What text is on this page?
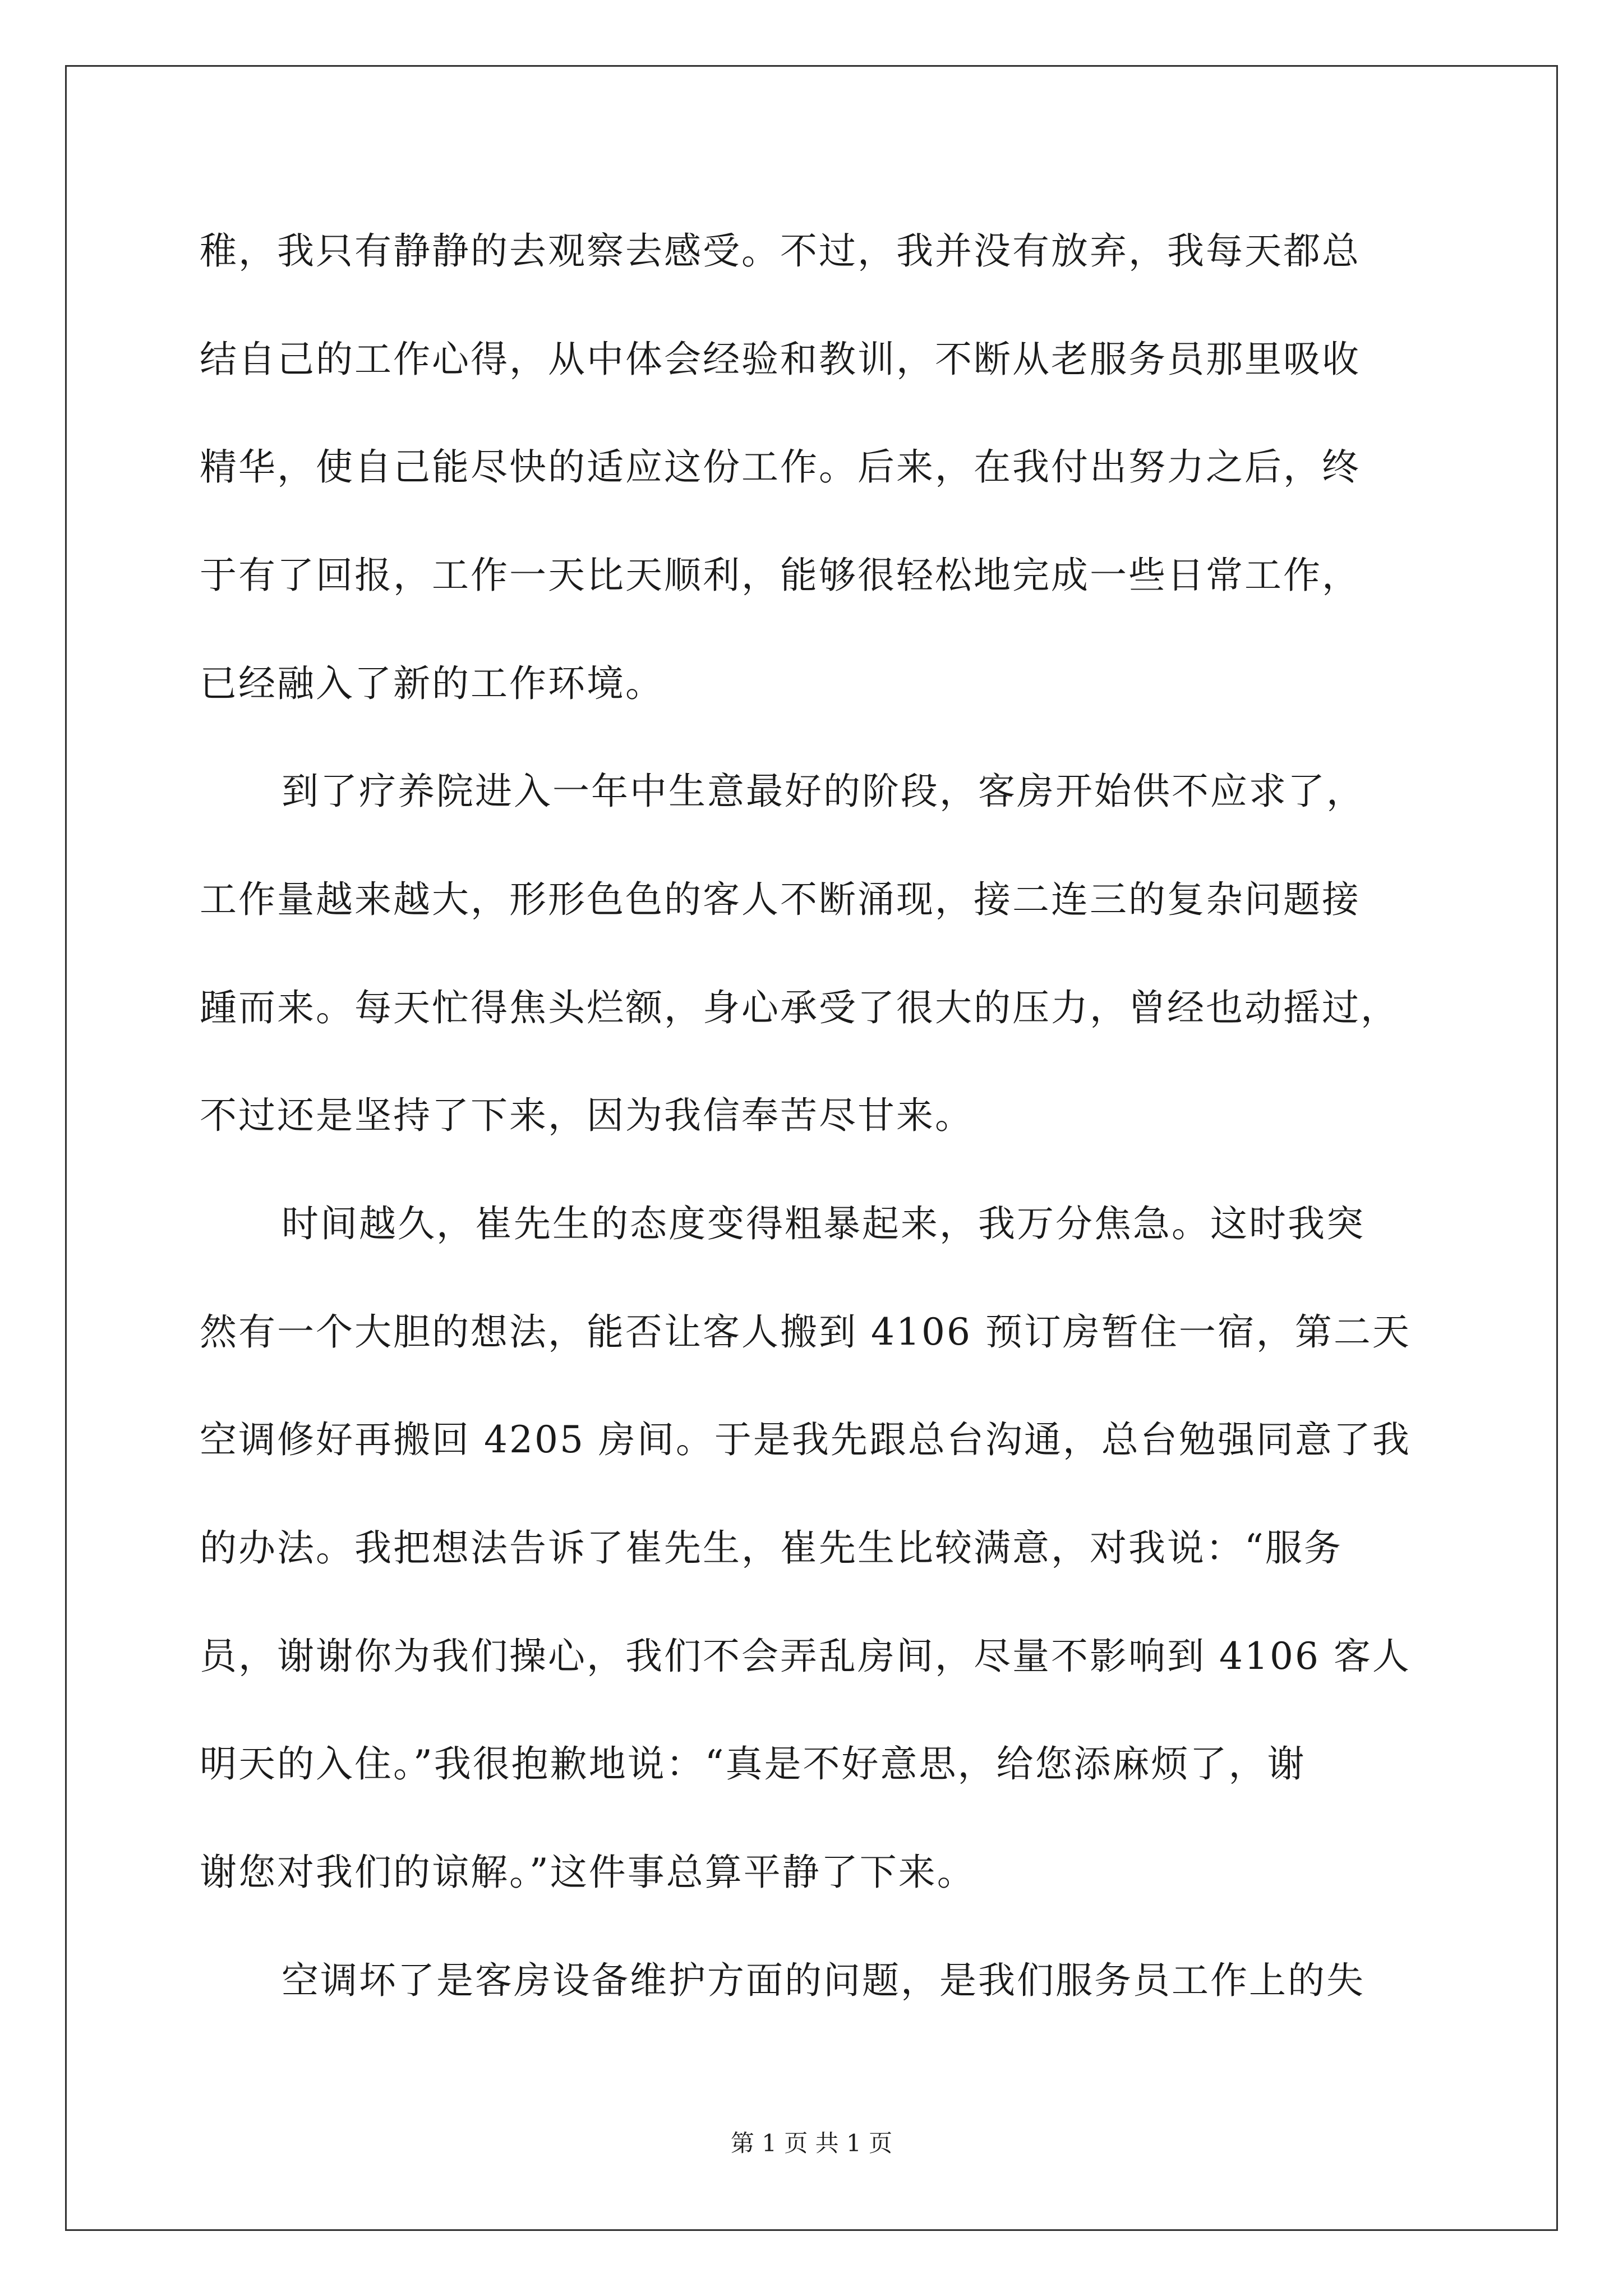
稚，我只有静静的去观察去感受。不过，我并没有放弃，我每天都总
结自己的工作心得，从中体会经验和教训，不断从老服务员那里吸收
精华，使自己能尽快的适应这份工作。后来，在我付出努力之后，终
于有了回报，工作一天比天顺利，能够很轻松地完成一些日常工作，
已经融入了新的工作环境。
到了疗养院进入一年中生意最好的阶段，客房开始供不应求了，
工作量越来越大，形形色色的客人不断涌现，接二连三的复杂问题接
踵而来。每天忙得焦头烂额，身心承受了很大的压力，曾经也动摇过，
不过还是坚持了下来，因为我信奉苦尽甘来。
时间越久，崔先生的态度变得粗暴起来，我万分焦急。这时我突
然有一个大胆的想法，能否让客人搬到 4106 预订房暂住一宿，第二天
空调修好再搬回 4205 房间。于是我先跟总台沟通，总台勉强同意了我
的办法。我把想法告诉了崔先生，崔先生比较满意，对我说：“服务
员，谢谢你为我们操心，我们不会弄乱房间，尽量不影响到 4106 客人
明天的入住。”我很抱歉地说：“真是不好意思，给您添麻烦了，谢
谢您对我们的谅解。”这件事总算平静了下来。
空调坏了是客房设备维护方面的问题，是我们服务员工作上的失
第 1 页 共 1 页
